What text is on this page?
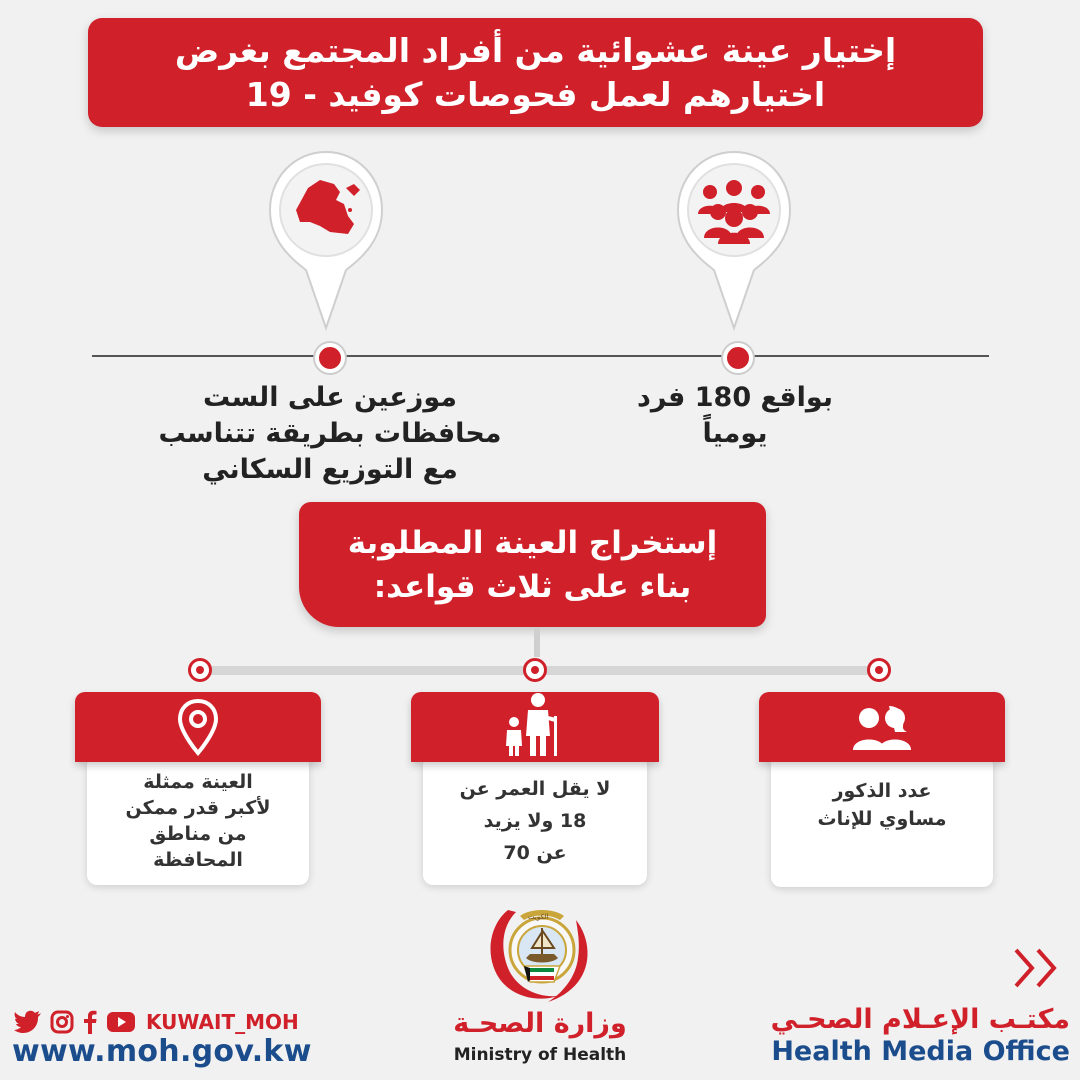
إختيار عينة عشوائية من أفراد المجتمع بغرض
اختيارهم لعمل فحوصات كوفيد - 19
بواقع 180 فرد
يومياً
موزعين على الست
محافظات بطريقة تتناسب
مع التوزيع السكاني
إستخراج العينة المطلوبة
بناء على ثلاث قواعد:
عدد الذكور
مساوي للإناث
لا يقل العمر عن
18 ولا يزيد
عن 70
العينة ممثلة
لأكبر قدر ممكن
من مناطق
المحافظة
KUWAIT_MOH
www.moh.gov.kw
الكويت
وزارة الصحـة
Ministry of Health
مكتـب الإعـلام الصحـي
Health Media Office
